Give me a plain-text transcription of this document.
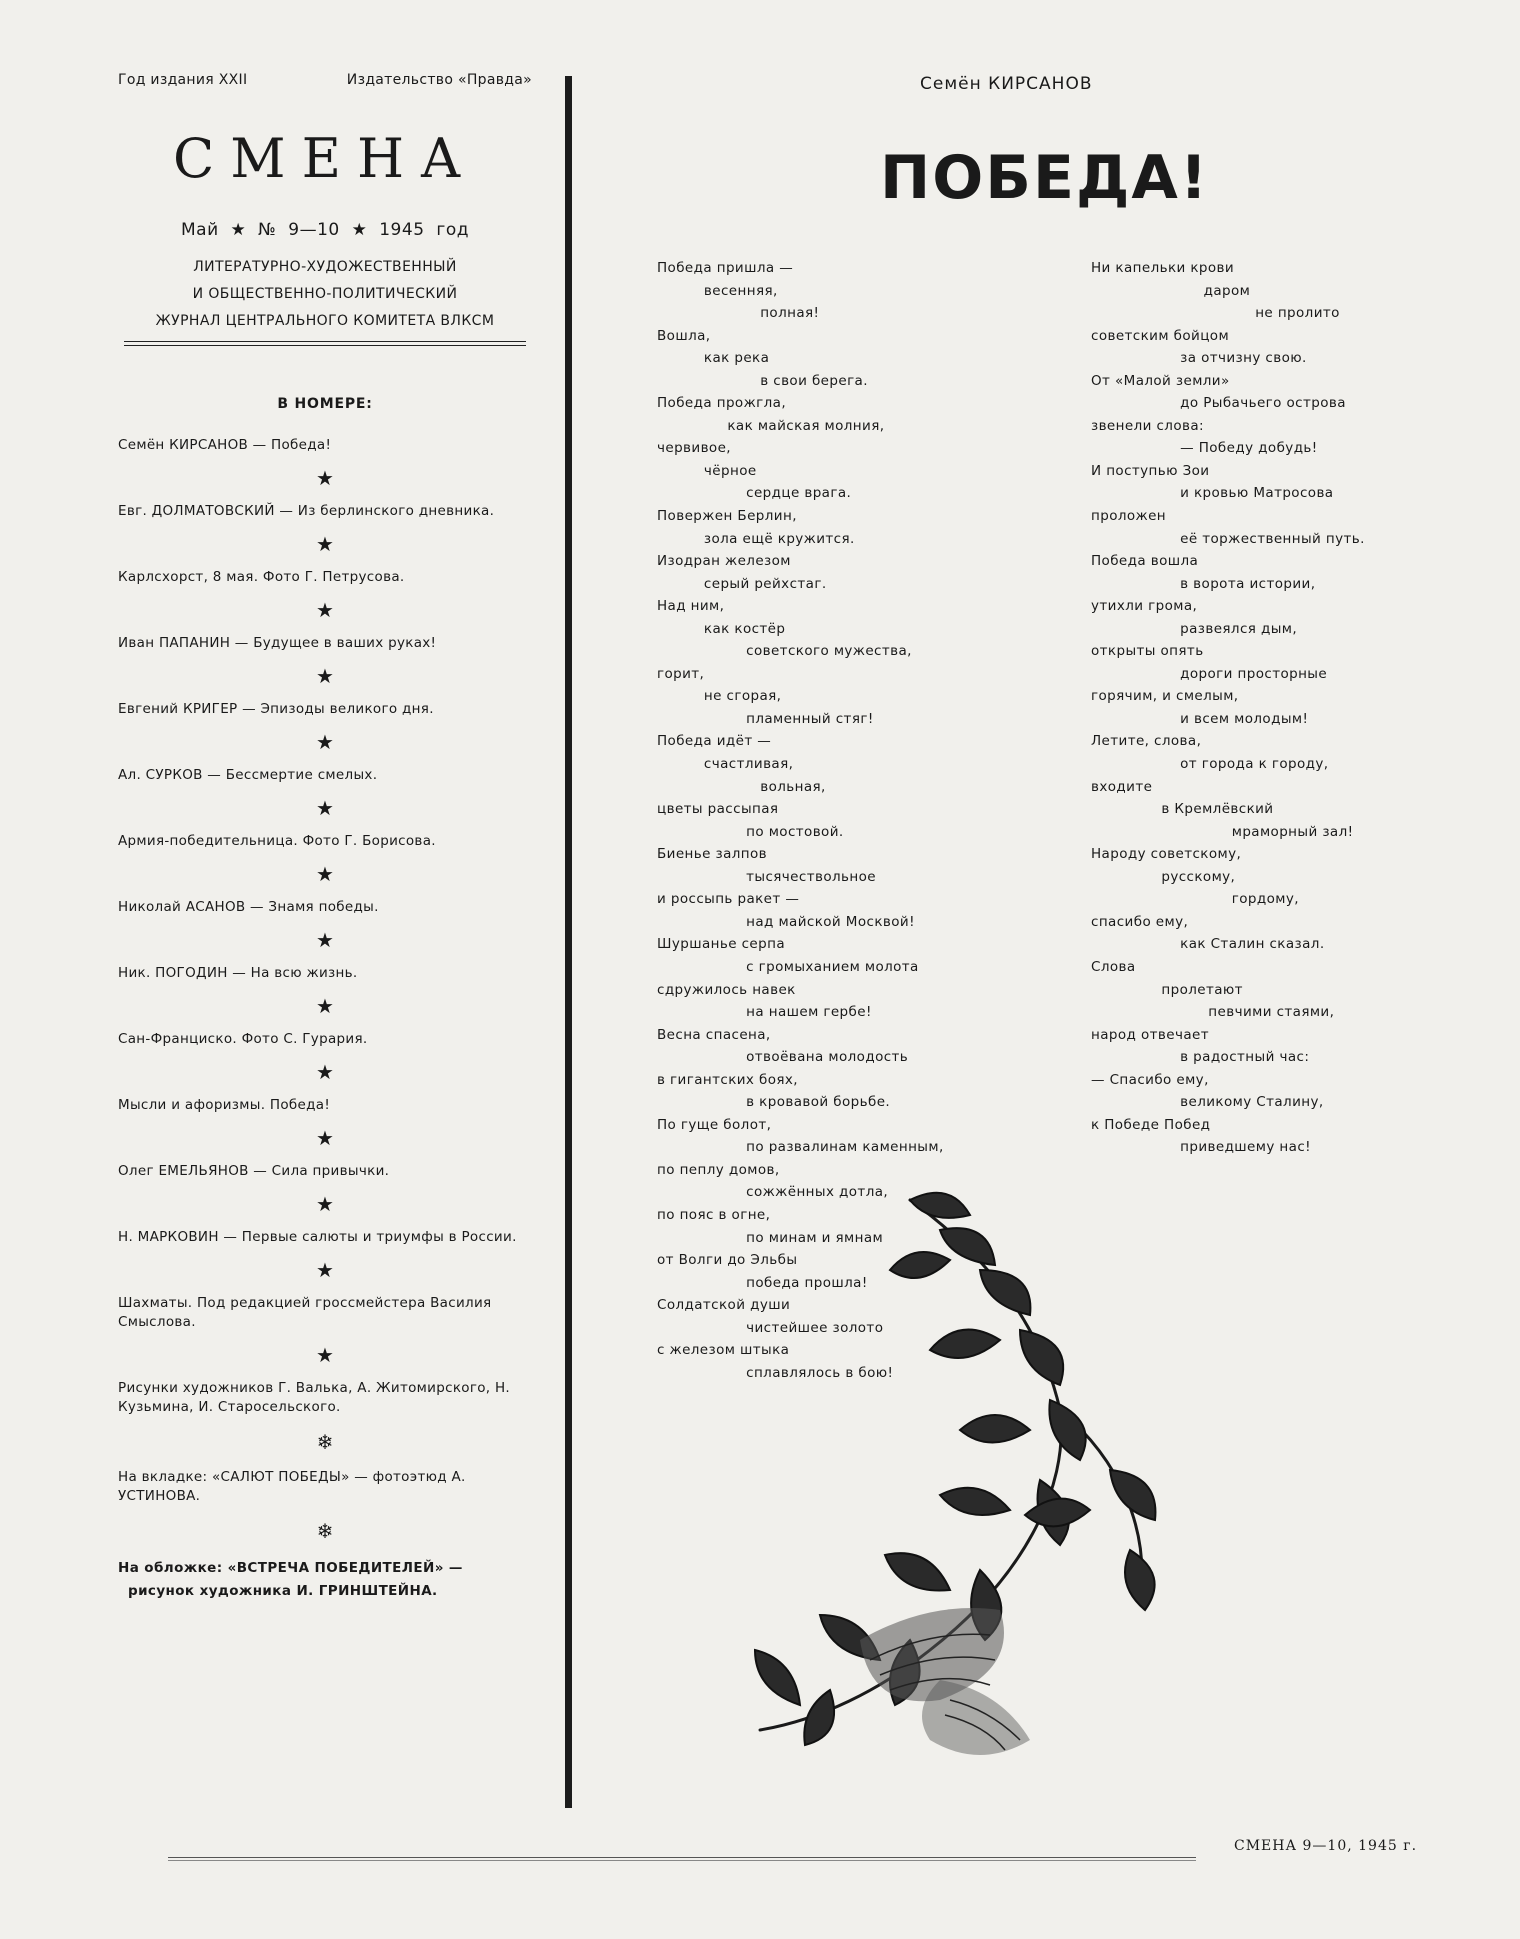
Год издания XXII	Издательство «Правда»
СМЕНА
Май ★ № 9—10 ★ 1945 год
ЛИТЕРАТУРНО-ХУДОЖЕСТВЕННЫЙ
И ОБЩЕСТВЕННО-ПОЛИТИЧЕСКИЙ
ЖУРНАЛ ЦЕНТРАЛЬНОГО КОМИТЕТА ВЛКСМ
В НОМЕРЕ:
Семён КИРСАНОВ — Победа!
★
Евг. ДОЛМАТОВСКИЙ — Из берлинского дневника.
★
Карлсхорст, 8 мая. Фото Г. Петрусова.
★
Иван ПАПАНИН — Будущее в ваших руках!
★
Евгений КРИГЕР — Эпизоды великого дня.
★
Ал. СУРКОВ — Бессмертие смелых.
★
Армия-победительница. Фото Г. Борисова.
★
Николай АСАНОВ — Знамя победы.
★
Ник. ПОГОДИН — На всю жизнь.
★
Сан-Франциско. Фото С. Гурария.
★
Мысли и афоризмы. Победа!
★
Олег ЕМЕЛЬЯНОВ — Сила привычки.
★
Н. МАРКОВИН — Первые салюты и триумфы в России.
★
Шахматы. Под редакцией гроссмейстера Василия Смыслова.
★
Рисунки художников Г. Валька, А. Житомирского, Н. Кузьмина, И. Старосельского.
❄
На вкладке: «САЛЮТ ПОБЕДЫ» — фотоэтюд А. УСТИНОВА.
❄
На обложке: «ВСТРЕЧА ПОБЕДИТЕЛЕЙ» —
рисунок художника И. ГРИНШТЕЙНА.
Семён КИРСАНОВ
ПОБЕДА!
Победа пришла —
весенняя,
полная!
Вошла,
как река
в свои берега.
Победа прожгла,
как майская молния,
червивое,
чёрное
сердце врага.
Повержен Берлин,
зола ещё кружится.
Изодран железом
серый рейхстаг.
Над ним,
как костёр
советского мужества,
горит,
не сгорая,
пламенный стяг!
Победа идёт —
счастливая,
вольная,
цветы рассыпая
по мостовой.
Биенье залпов
тысячествольное
и россыпь ракет —
над майской Москвой!
Шуршанье серпа
с громыханием молота
сдружилось навек
на нашем гербе!
Весна спасена,
отвоёвана молодость
в гигантских боях,
в кровавой борьбе.
По гуще болот,
по развалинам каменным,
по пеплу домов,
сожжённых дотла,
по пояс в огне,
по минам и ямнам
от Волги до Эльбы
победа прошла!
Солдатской души
чистейшее золото
с железом штыка
сплавлялось в бою!
Ни капельки крови
даром
не пролито
советским бойцом
за отчизну свою.
От «Малой земли»
до Рыбачьего острова
звенели слова:
— Победу добудь!
И поступью Зои
и кровью Матросова
проложен
её торжественный путь.
Победа вошла
в ворота истории,
утихли грома,
развеялся дым,
открыты опять
дороги просторные
горячим, и смелым,
и всем молодым!
Летите, слова,
от города к городу,
входите
в Кремлёвский
мраморный зал!
Народу советскому,
русскому,
гордому,
спасибо ему,
как Сталин сказал.
Слова
пролетают
певчими стаями,
народ отвечает
в радостный час:
— Спасибо ему,
великому Сталину,
к Победе Побед
приведшему нас!
СМЕНА 9—10, 1945 г.
